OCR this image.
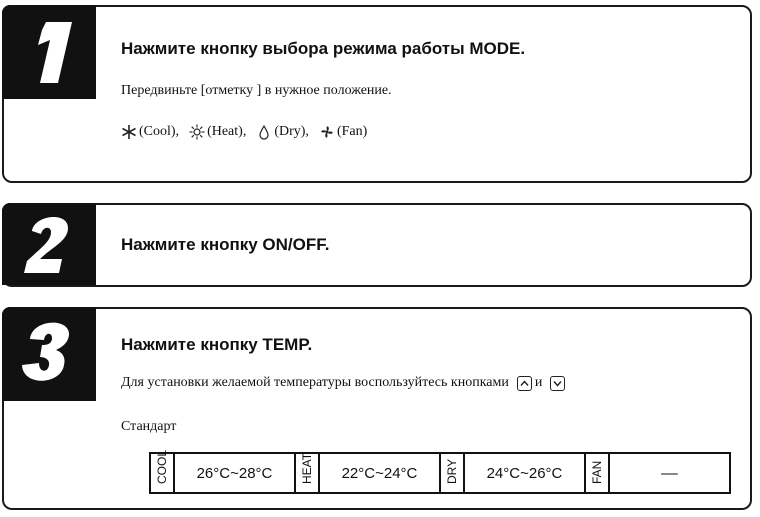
Нажмите кнопку выбора режима работы MODE.
Передвиньте [отметку ] в нужное положение.
(Cool), (Heat), (Dry), (Fan)
Нажмите кнопку ON/OFF.
Нажмите кнопку TEMP.
Для установки желаемой температуры воспользуйтесь кнопками и
Стандарт
COOL	26°C~28°C	HEAT	22°C~24°C	DRY	24°C~26°C	FAN	––
